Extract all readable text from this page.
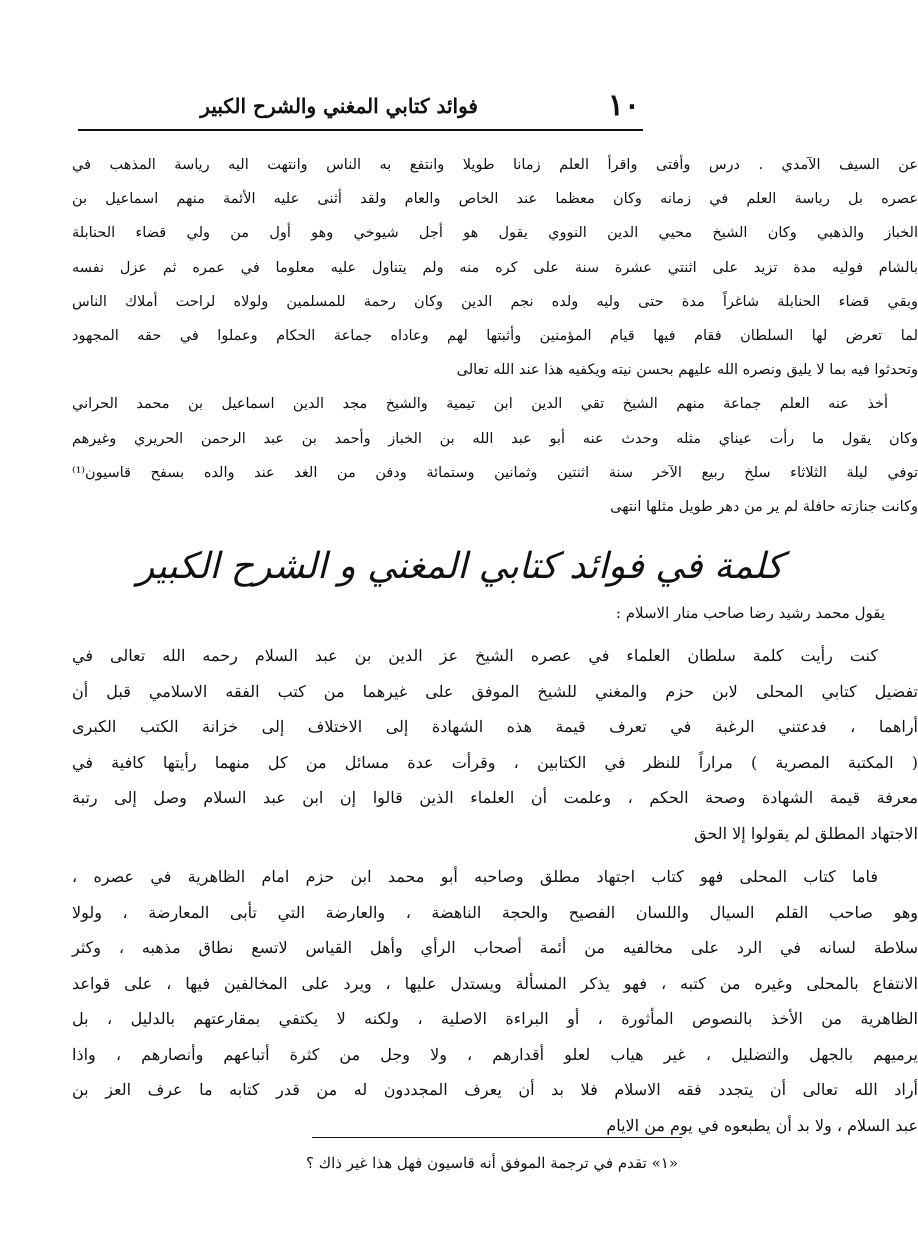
١٠
فوائد كتابي المغني والشرح الكبير
عن السيف الآمدي . درس وأفتى واقرأ العلم زمانا طويلا وانتفع به الناس وانتهت اليه رياسة المذهب في
عصره بل رياسة العلم في زمانه وكان معظما عند الخاص والعام ولقد أثنى عليه الأئمة منهم اسماعيل بن
الخباز والذهبي وكان الشيخ محيي الدين النووي يقول هو أجل شيوخي وهو أول من ولي قضاء الحنابلة
بالشام فوليه مدة تزيد على اثنتي عشرة سنة على كره منه ولم يتناول عليه معلوما في عمره ثم عزل نفسه
وبقي قضاء الحنابلة شاغراً مدة حتى وليه ولده نجم الدين وكان رحمة للمسلمين ولولاه لراحت أملاك الناس
لما تعرض لها السلطان فقام فيها قيام المؤمنين وأثبتها لهم وعاداه جماعة الحكام وعملوا في حقه المجهود
وتحدثوا فيه بما لا يليق ونصره الله عليهم بحسن نيته ويكفيه هذا عند الله تعالى
أخذ عنه العلم جماعة منهم الشيخ تقي الدين ابن تيمية والشيخ مجد الدين اسماعيل بن محمد الحراني
وكان يقول ما رأت عيناي مثله وحدث عنه أبو عبد الله بن الخباز وأحمد بن عبد الرحمن الحريري وغيرهم
توفي ليلة الثلاثاء سلخ ربيع الآخر سنة اثنتين وثمانين وستمائة ودفن من الغد عند والده بسفح قاسيون⁽¹⁾
وكانت جنازته حافلة لم ير من دهر طويل مثلها انتهى
كلمة في فوائد كتابي المغني و الشرح الكبير
يقول محمد رشيد رضا صاحب منار الاسلام :
كنت رأيت كلمة سلطان العلماء في عصره الشيخ عز الدين بن عبد السلام رحمه الله تعالى في
تفضيل كتابي المحلى لابن حزم والمغني للشيخ الموفق على غيرهما من كتب الفقه الاسلامي قبل أن
أراهما ، فدعتني الرغبة في تعرف قيمة هذه الشهادة إلى الاختلاف إلى خزانة الكتب الكبرى
( المكتبة المصرية ) مراراً للنظر في الكتابين ، وقرأت عدة مسائل من كل منهما رأيتها كافية في
معرفة قيمة الشهادة وصحة الحكم ، وعلمت أن العلماء الذين قالوا إن ابن عبد السلام وصل إلى رتبة
الاجتهاد المطلق لم يقولوا إلا الحق
فاما كتاب المحلى فهو كتاب اجتهاد مطلق وصاحبه أبو محمد ابن حزم امام الظاهرية في عصره ،
وهو صاحب القلم السيال واللسان الفصيح والحجة الناهضة ، والعارضة التي تأبى المعارضة ، ولولا
سلاطة لسانه في الرد على مخالفيه من أئمة أصحاب الرأي وأهل القياس لاتسع نطاق مذهبه ، وكثر
الانتفاع بالمحلى وغيره من كتبه ، فهو يذكر المسألة ويستدل عليها ، ويرد على المخالفين فيها ، على قواعد
الظاهرية من الأخذ بالنصوص المأثورة ، أو البراءة الاصلية ، ولكنه لا يكتفي بمقارعتهم بالدليل ، بل
يرميهم بالجهل والتضليل ، غير هياب لعلو أقدارهم ، ولا وجل من كثرة أتباعهم وأنصارهم ، واذا
أراد الله تعالى أن يتجدد فقه الاسلام فلا بد أن يعرف المجددون له من قدر كتابه ما عرف العز بن
عبد السلام ، ولا بد أن يطبعوه في يوم من الايام
«١» تقدم في ترجمة الموفق أنه قاسيون فهل هذا غير ذاك ؟
